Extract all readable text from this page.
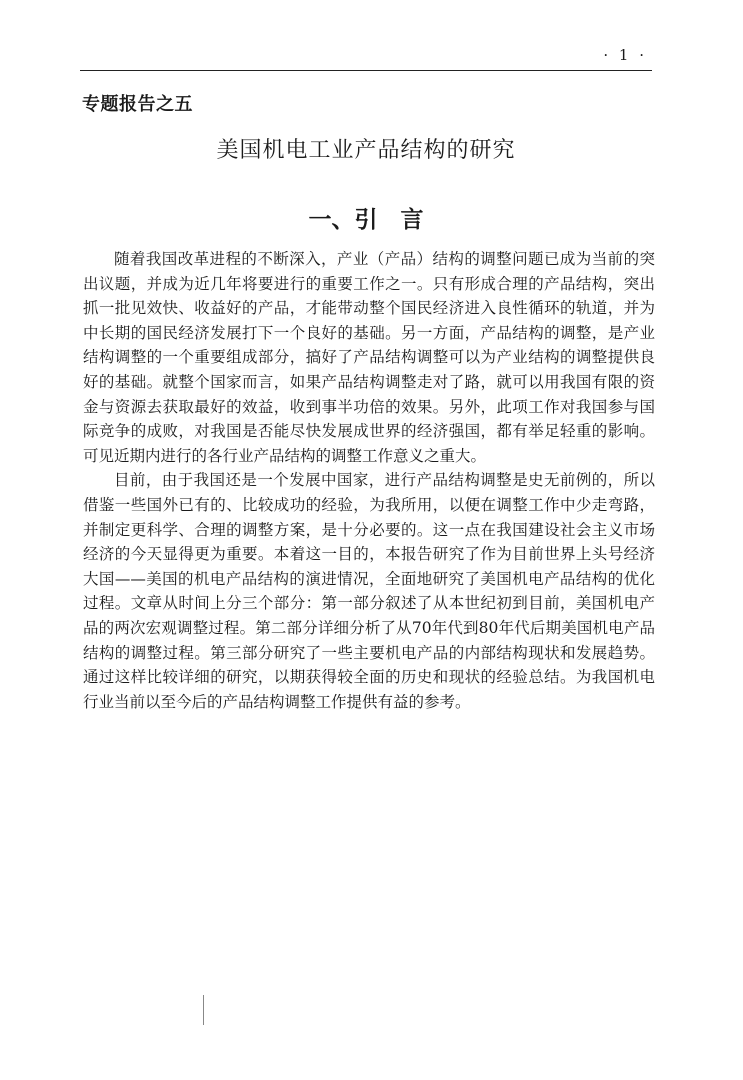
· 1 ·
专题报告之五
美国机电工业产品结构的研究
一、引　言

随着我国改革进程的不断深入，产业（产品）结构的调整问题已成为当前的突出议题，并成为近几年将要进行的重要工作之一。只有形成合理的产品结构，突出抓一批见效快、收益好的产品，才能带动整个国民经济进入良性循环的轨道，并为中长期的国民经济发展打下一个良好的基础。另一方面，产品结构的调整，是产业结构调整的一个重要组成部分，搞好了产品结构调整可以为产业结构的调整提供良好的基础。就整个国家而言，如果产品结构调整走对了路，就可以用我国有限的资金与资源去获取最好的效益，收到事半功倍的效果。另外，此项工作对我国参与国际竞争的成败，对我国是否能尽快发展成世界的经济强国，都有举足轻重的影响。可见近期内进行的各行业产品结构的调整工作意义之重大。

目前，由于我国还是一个发展中国家，进行产品结构调整是史无前例的，所以借鉴一些国外已有的、比较成功的经验，为我所用，以便在调整工作中少走弯路，并制定更科学、合理的调整方案，是十分必要的。这一点在我国建设社会主义市场经济的今天显得更为重要。本着这一目的，本报告研究了作为目前世界上头号经济大国——美国的机电产品结构的演进情况，全面地研究了美国机电产品结构的优化过程。文章从时间上分三个部分：第一部分叙述了从本世纪初到目前，美国机电产品的两次宏观调整过程。第二部分详细分析了从70年代到80年代后期美国机电产品结构的调整过程。第三部分研究了一些主要机电产品的内部结构现状和发展趋势。通过这样比较详细的研究，以期获得较全面的历史和现状的经验总结。为我国机电行业当前以至今后的产品结构调整工作提供有益的参考。
